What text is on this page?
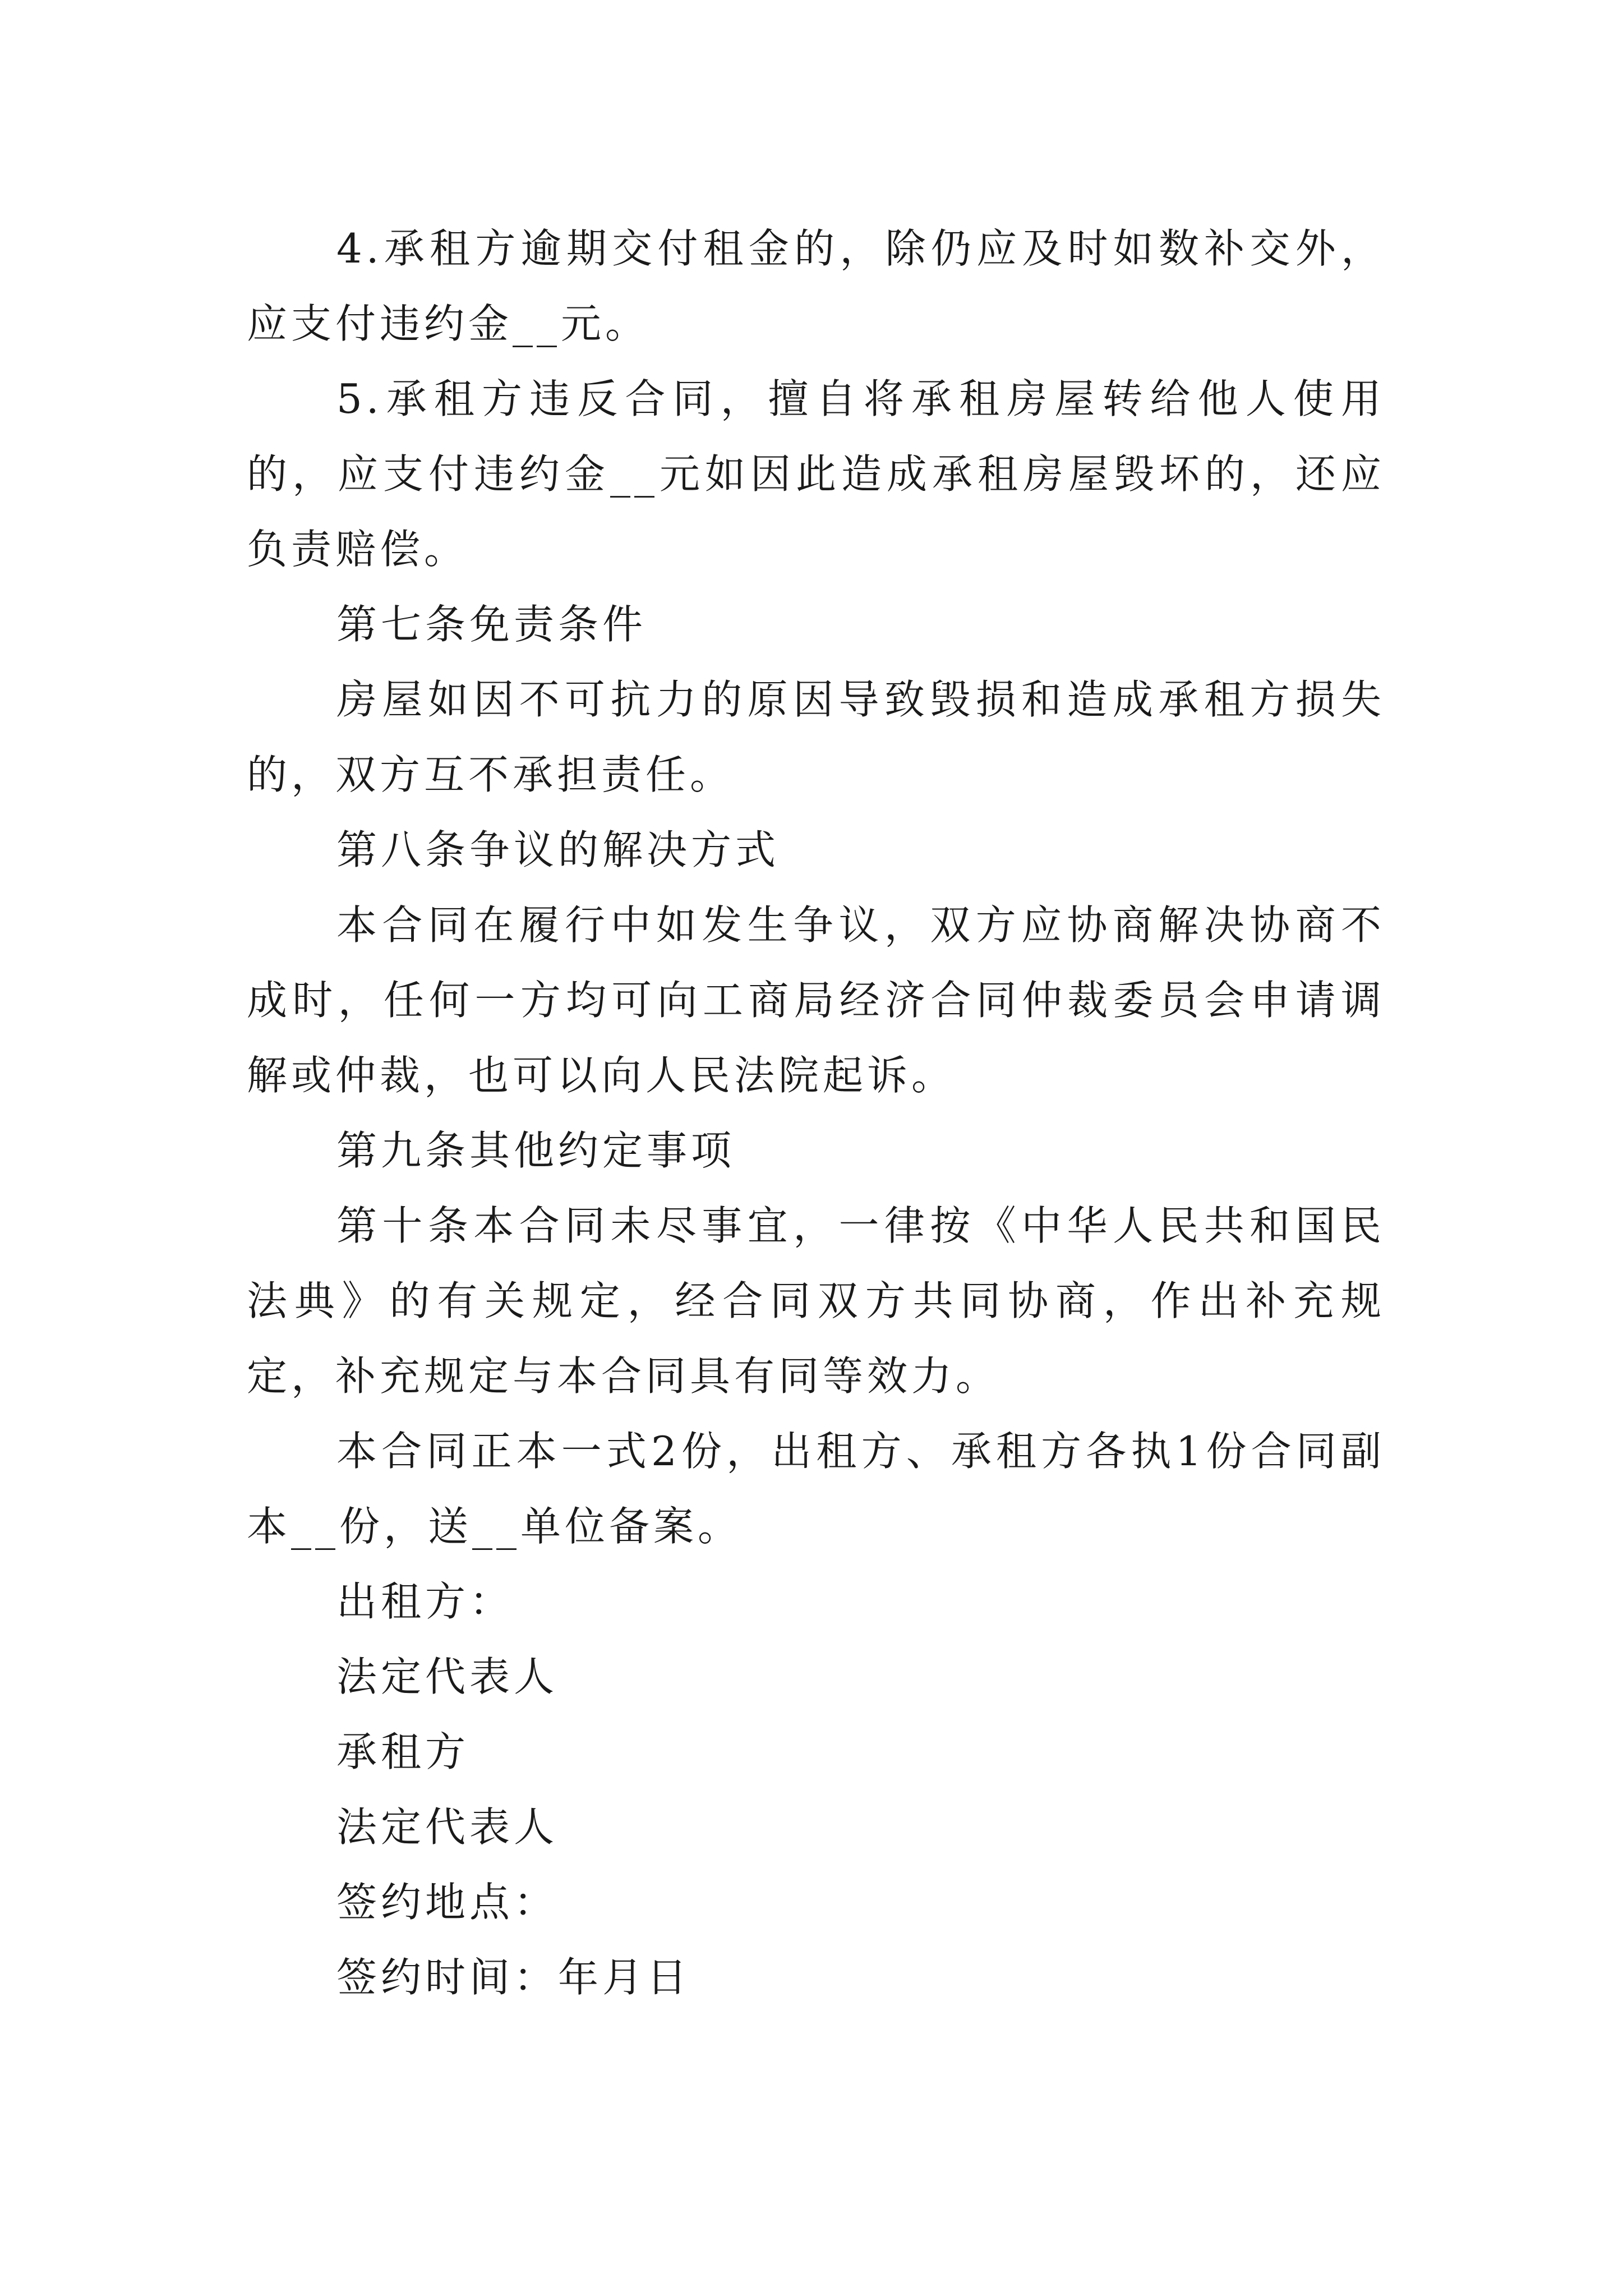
4.承租方逾期交付租金的，除仍应及时如数补交外，应支付违约金__元。

5.承租方违反合同，擅自将承租房屋转给他人使用的，应支付违约金__元如因此造成承租房屋毁坏的，还应负责赔偿。

第七条免责条件

房屋如因不可抗力的原因导致毁损和造成承租方损失的，双方互不承担责任。

第八条争议的解决方式

本合同在履行中如发生争议，双方应协商解决协商不成时，任何一方均可向工商局经济合同仲裁委员会申请调解或仲裁，也可以向人民法院起诉。

第九条其他约定事项

第十条本合同未尽事宜，一律按《中华人民共和国民法典》的有关规定，经合同双方共同协商，作出补充规定，补充规定与本合同具有同等效力。

本合同正本一式2份，出租方、承租方各执1份合同副本__份，送__单位备案。

出租方：

法定代表人

承租方

法定代表人

签约地点：

签约时间：年月日
